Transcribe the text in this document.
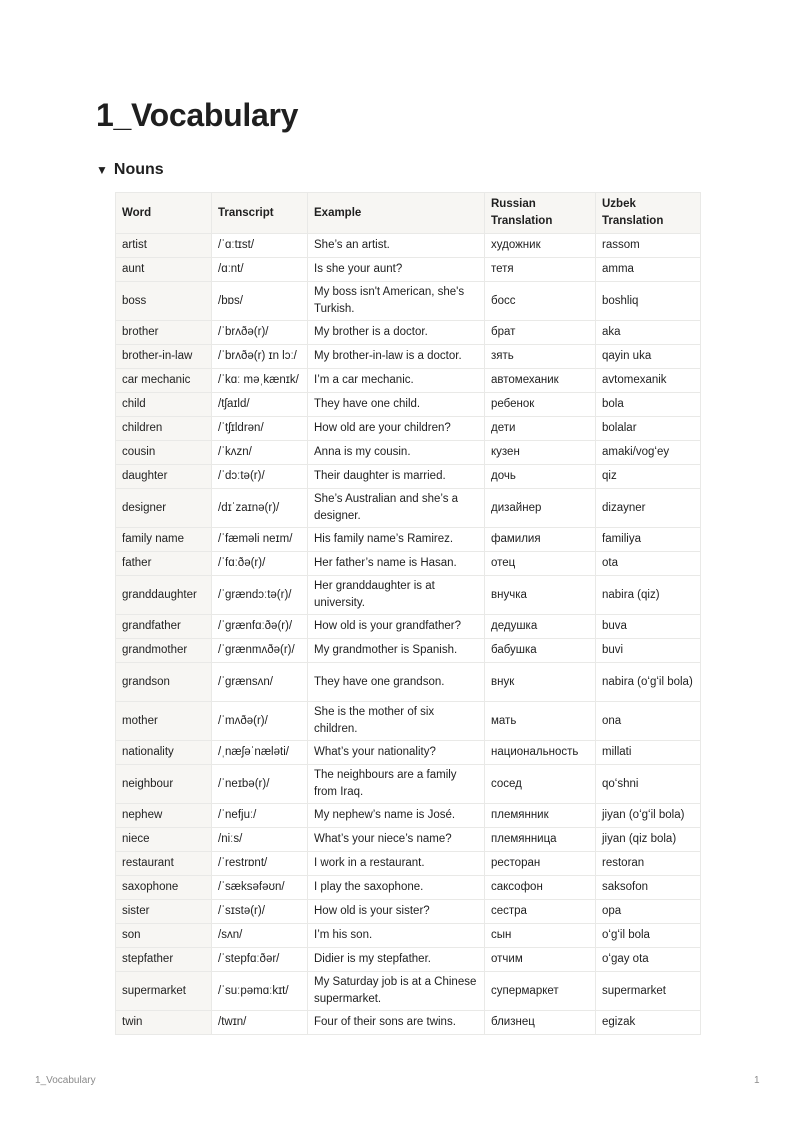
1_Vocabulary
▼ Nouns
Word	Transcript	Example	Russian Translation	Uzbek Translation
artist	/ˈɑːtɪst/	She’s an artist.	художник	rassom
aunt	/ɑːnt/	Is she your aunt?	тетя	amma
boss	/bɒs/	My boss isn't American, she's Turkish.	босс	boshliq
brother	/ˈbrʌðə(r)/	My brother is a doctor.	брат	aka
brother-in-law	/ˈbrʌðə(r) ɪn lɔː/	My brother-in-law is a doctor.	зять	qayin uka
car mechanic	/ˈkɑː məˌkænɪk/	I’m a car mechanic.	автомеханик	avtomexanik
child	/tʃaɪld/	They have one child.	ребенок	bola
children	/ˈtʃɪldrən/	How old are your children?	дети	bolalar
cousin	/ˈkʌzn/	Anna is my cousin.	кузен	amaki/vogʻey
daughter	/ˈdɔːtə(r)/	Their daughter is married.	дочь	qiz
designer	/dɪˈzaɪnə(r)/	She’s Australian and she’s a designer.	дизайнер	dizayner
family name	/ˈfæməli neɪm/	His family name’s Ramirez.	фамилия	familiya
father	/ˈfɑːðə(r)/	Her father’s name is Hasan.	отец	ota
granddaughter	/ˈgrændɔːtə(r)/	Her granddaughter is at university.	внучка	nabira (qiz)
grandfather	/ˈgrænfɑːðə(r)/	How old is your grandfather?	дедушка	buva
grandmother	/ˈgrænmʌðə(r)/	My grandmother is Spanish.	бабушка	buvi
grandson	/ˈgrænsʌn/	They have one grandson.	внук	nabira (oʻgʻil bola)
mother	/ˈmʌðə(r)/	She is the mother of six children.	мать	ona
nationality	/ˌnæʃəˈnæləti/	What’s your nationality?	национальность	millati
neighbour	/ˈneɪbə(r)/	The neighbours are a family from Iraq.	сосед	qoʻshni
nephew	/ˈnefjuː/	My nephew’s name is José.	племянник	jiyan (oʻgʻil bola)
niece	/niːs/	What’s your niece’s name?	племянница	jiyan (qiz bola)
restaurant	/ˈrestrɒnt/	I work in a restaurant.	ресторан	restoran
saxophone	/ˈsæksəfəʊn/	I play the saxophone.	саксофон	saksofon
sister	/ˈsɪstə(r)/	How old is your sister?	сестра	opa
son	/sʌn/	I’m his son.	сын	oʻgʻil bola
stepfather	/ˈstepfɑːðər/	Didier is my stepfather.	отчим	oʻgay ota
supermarket	/ˈsuːpəmɑːkɪt/	My Saturday job is at a Chinese supermarket.	супермаркет	supermarket
twin	/twɪn/	Four of their sons are twins.	близнец	egizak
1_Vocabulary	1
